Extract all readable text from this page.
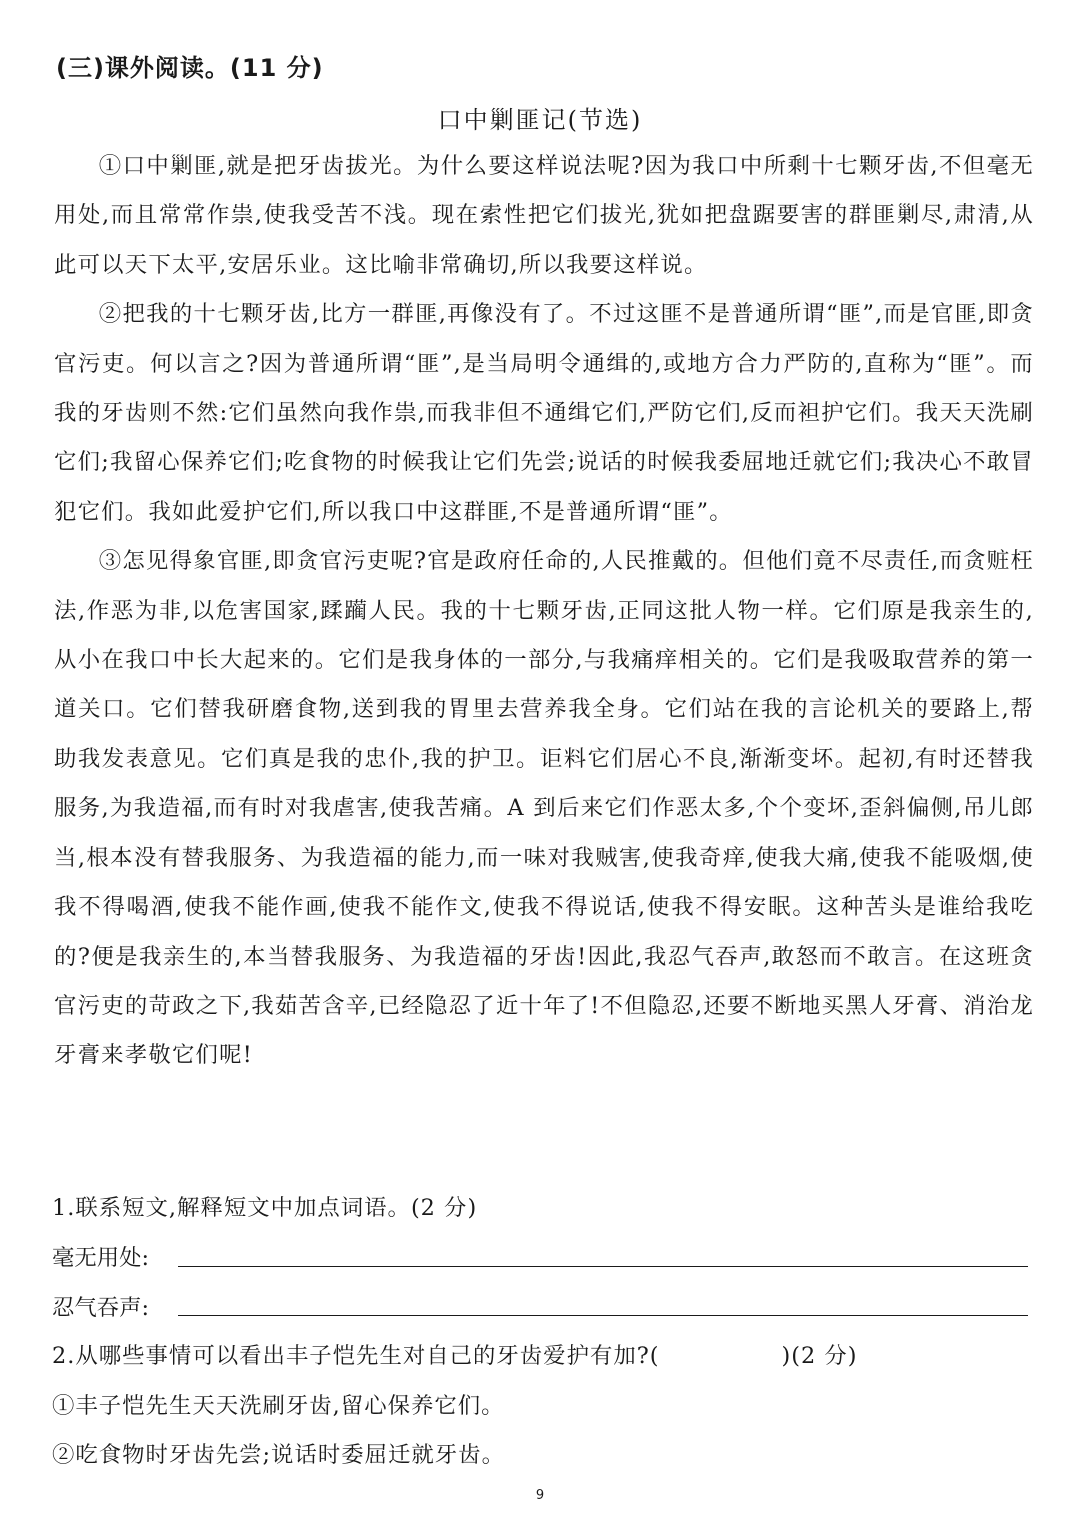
(三)课外阅读。(11 分)
口中剿匪记(节选)

①口中剿匪,就是把牙齿拔光。为什么要这样说法呢?因为我口中所剩十七颗牙齿,不但毫无用处,而且常常作祟,使我受苦不浅。现在索性把它们拔光,犹如把盘踞要害的群匪剿尽,肃清,从此可以天下太平,安居乐业。这比喻非常确切,所以我要这样说。

②把我的十七颗牙齿,比方一群匪,再像没有了。不过这匪不是普通所谓“匪”,而是官匪,即贪官污吏。何以言之?因为普通所谓“匪”,是当局明令通缉的,或地方合力严防的,直称为“匪”。而我的牙齿则不然:它们虽然向我作祟,而我非但不通缉它们,严防它们,反而袒护它们。我天天洗刷它们;我留心保养它们;吃食物的时候我让它们先尝;说话的时候我委屈地迁就它们;我决心不敢冒犯它们。我如此爱护它们,所以我口中这群匪,不是普通所谓“匪”。

③怎见得象官匪,即贪官污吏呢?官是政府任命的,人民推戴的。但他们竟不尽责任,而贪赃枉法,作恶为非,以危害国家,蹂躏人民。我的十七颗牙齿,正同这批人物一样。它们原是我亲生的,从小在我口中长大起来的。它们是我身体的一部分,与我痛痒相关的。它们是我吸取营养的第一道关口。它们替我研磨食物,送到我的胃里去营养我全身。它们站在我的言论机关的要路上,帮助我发表意见。它们真是我的忠仆,我的护卫。讵料它们居心不良,渐渐变坏。起初,有时还替我服务,为我造福,而有时对我虐害,使我苦痛。A 到后来它们作恶太多,个个变坏,歪斜偏侧,吊儿郎当,根本没有替我服务、为我造福的能力,而一味对我贼害,使我奇痒,使我大痛,使我不能吸烟,使我不得喝酒,使我不能作画,使我不能作文,使我不得说话,使我不得安眠。这种苦头是谁给我吃的?便是我亲生的,本当替我服务、为我造福的牙齿!因此,我忍气吞声,敢怒而不敢言。在这班贪官污吏的苛政之下,我茹苦含辛,已经隐忍了近十年了!不但隐忍,还要不断地买黑人牙膏、消治龙牙膏来孝敬它们呢!

1.联系短文,解释短文中加点词语。(2 分)
毫无用处:
忍气吞声:
2.从哪些事情可以看出丰子恺先生对自己的牙齿爱护有加?(	)(2 分)
①丰子恺先生天天洗刷牙齿,留心保养它们。
②吃食物时牙齿先尝;说话时委屈迁就牙齿。
9
